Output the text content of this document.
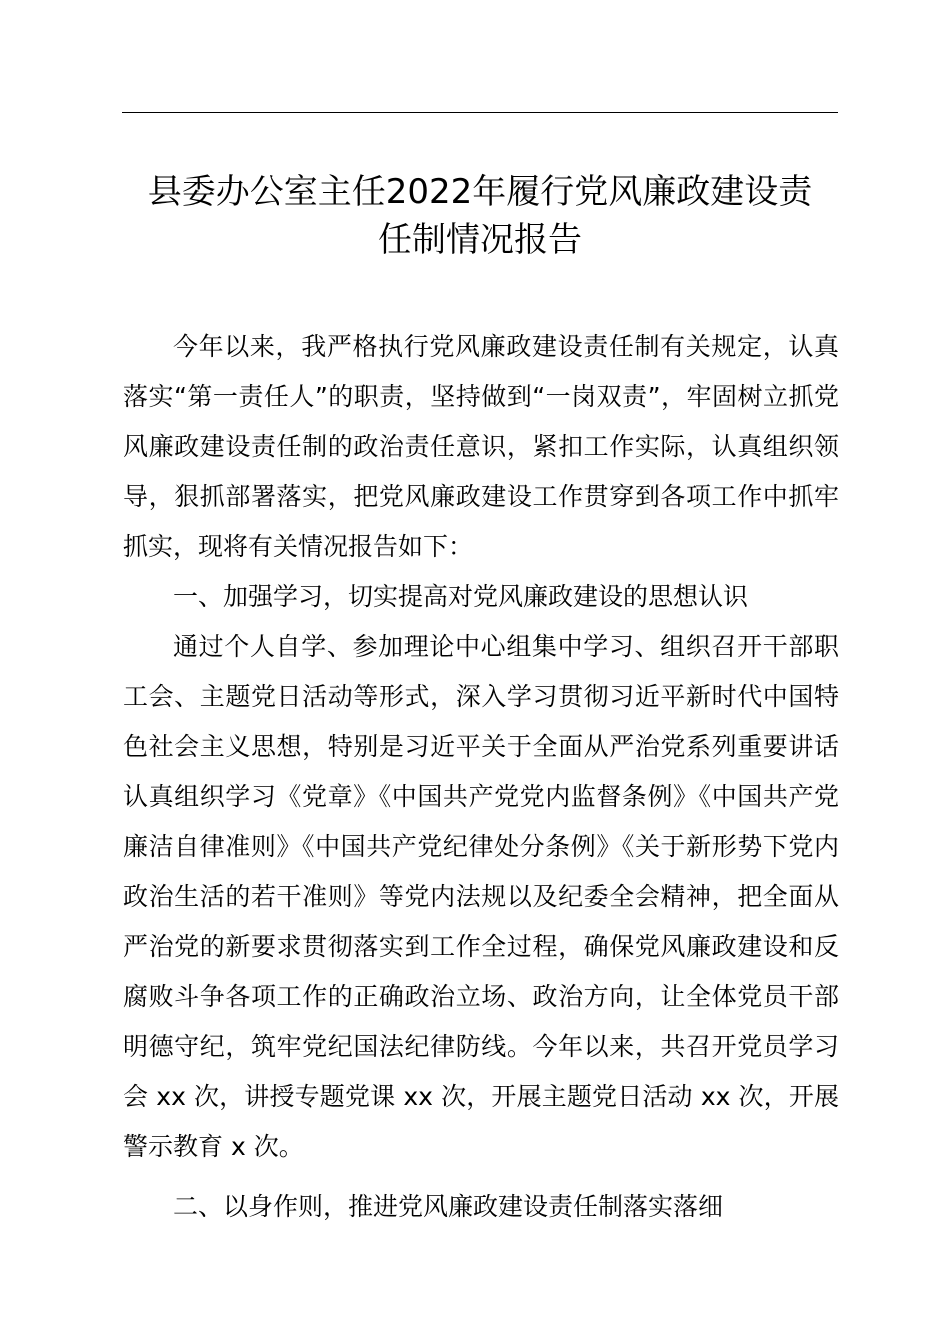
县委办公室主任2022年履行党风廉政建设责
任制情况报告

今年以来，我严格执行党风廉政建设责任制有关规定，认真落实“第一责任人”的职责，坚持做到“一岗双责”，牢固树立抓党风廉政建设责任制的政治责任意识，紧扣工作实际，认真组织领导，狠抓部署落实，把党风廉政建设工作贯穿到各项工作中抓牢抓实，现将有关情况报告如下：

一、加强学习，切实提高对党风廉政建设的思想认识

通过个人自学、参加理论中心组集中学习、组织召开干部职工会、主题党日活动等形式，深入学习贯彻习近平新时代中国特色社会主义思想，特别是习近平关于全面从严治党系列重要讲话认真组织学习《党章》《中国共产党党内监督条例》《中国共产党廉洁自律准则》《中国共产党纪律处分条例》《关于新形势下党内政治生活的若干准则》等党内法规以及纪委全会精神，把全面从严治党的新要求贯彻落实到工作全过程，确保党风廉政建设和反腐败斗争各项工作的正确政治立场、政治方向，让全体党员干部明德守纪，筑牢党纪国法纪律防线。今年以来，共召开党员学习会 xx 次，讲授专题党课 xx 次，开展主题党日活动 xx 次，开展警示教育 x 次。

二、以身作则，推进党风廉政建设责任制落实落细
